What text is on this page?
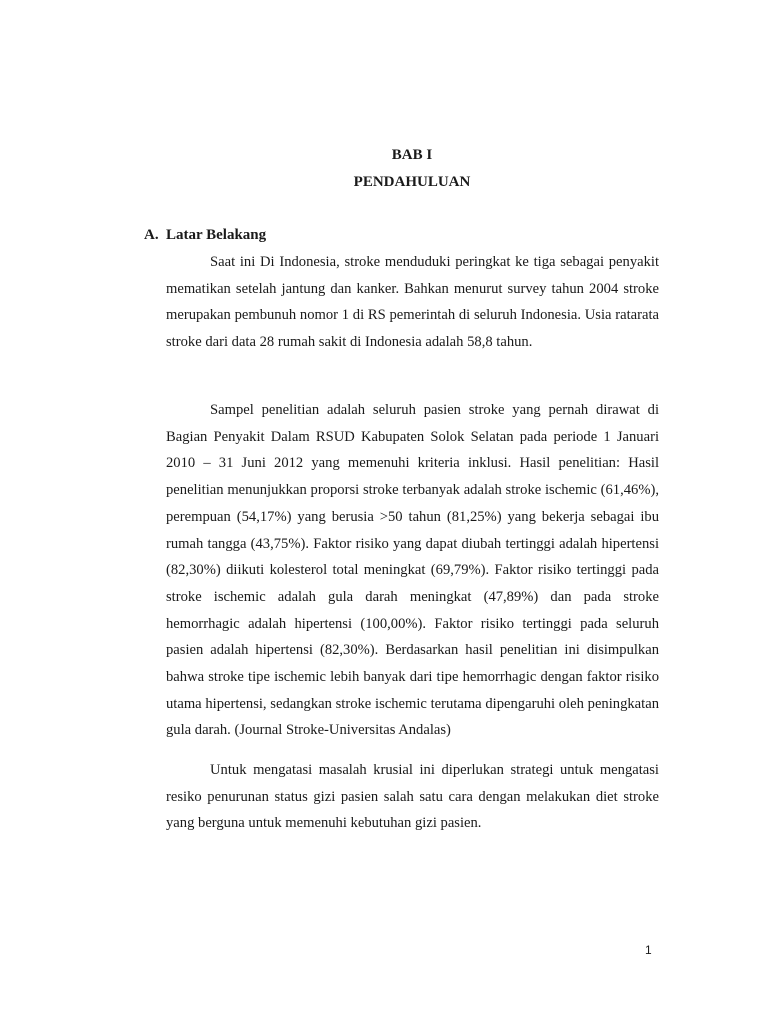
BAB I
PENDAHULUAN
A. Latar Belakang

Saat ini Di Indonesia, stroke menduduki peringkat ke tiga sebagai penyakit mematikan setelah jantung dan kanker. Bahkan menurut survey tahun 2004 stroke merupakan pembunuh nomor 1 di RS pemerintah di seluruh Indonesia. Usia ratarata stroke dari data 28 rumah sakit di Indonesia adalah 58,8 tahun.

Sampel penelitian adalah seluruh pasien stroke yang pernah dirawat di Bagian Penyakit Dalam RSUD Kabupaten Solok Selatan pada periode 1 Januari 2010 – 31 Juni 2012 yang memenuhi kriteria inklusi. Hasil penelitian: Hasil penelitian menunjukkan proporsi stroke terbanyak adalah stroke ischemic (61,46%), perempuan (54,17%) yang berusia >50 tahun (81,25%) yang bekerja sebagai ibu rumah tangga (43,75%). Faktor risiko yang dapat diubah tertinggi adalah hipertensi (82,30%) diikuti kolesterol total meningkat (69,79%). Faktor risiko tertinggi pada stroke ischemic adalah gula darah meningkat (47,89%) dan pada stroke hemorrhagic adalah hipertensi (100,00%). Faktor risiko tertinggi pada seluruh pasien adalah hipertensi (82,30%). Berdasarkan hasil penelitian ini disimpulkan bahwa stroke tipe ischemic lebih banyak dari tipe hemorrhagic dengan faktor risiko utama hipertensi, sedangkan stroke ischemic terutama dipengaruhi oleh peningkatan gula darah. (Journal Stroke-Universitas Andalas)

Untuk mengatasi masalah krusial ini diperlukan strategi untuk mengatasi resiko penurunan status gizi pasien salah satu cara dengan melakukan diet stroke yang berguna untuk memenuhi kebutuhan gizi pasien.

1
